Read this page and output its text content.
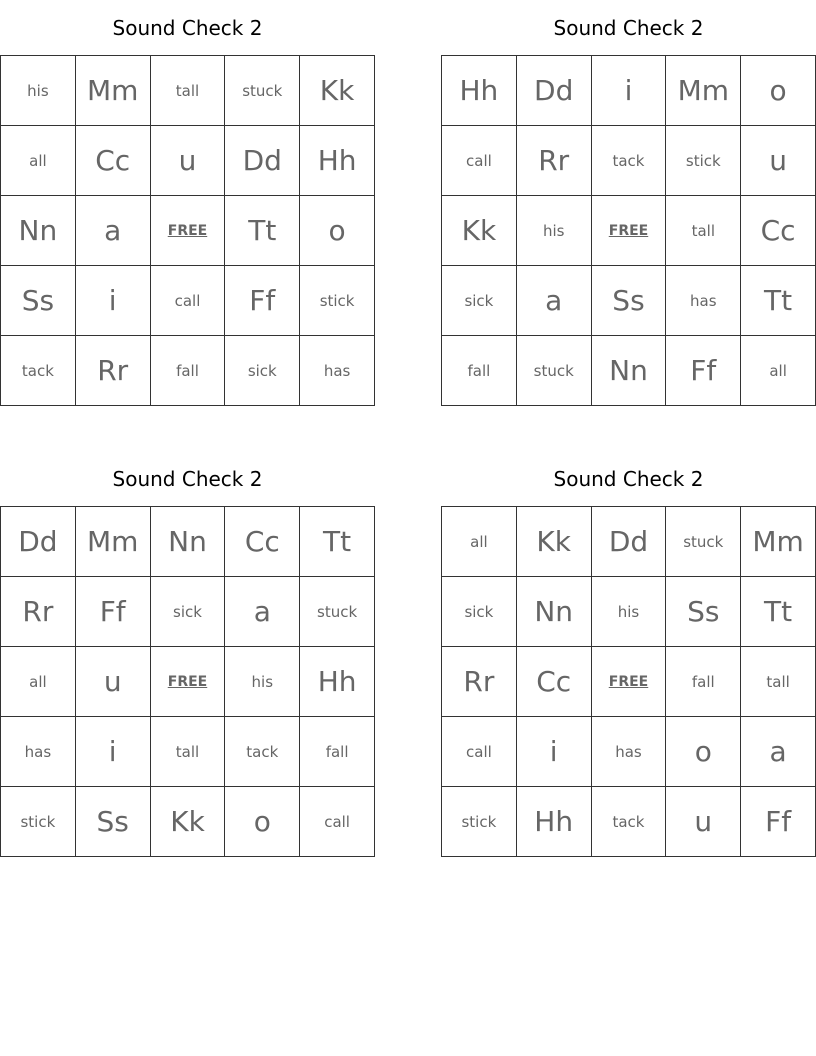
Sound Check 2
his	Mm	tall	stuck	Kk
all	Cc	u	Dd	Hh
Nn	a	FREE	Tt	o
Ss	i	call	Ff	stick
tack	Rr	fall	sick	has
Sound Check 2
Hh	Dd	i	Mm	o
call	Rr	tack	stick	u
Kk	his	FREE	tall	Cc
sick	a	Ss	has	Tt
fall	stuck	Nn	Ff	all
Sound Check 2
Dd	Mm	Nn	Cc	Tt
Rr	Ff	sick	a	stuck
all	u	FREE	his	Hh
has	i	tall	tack	fall
stick	Ss	Kk	o	call
Sound Check 2
all	Kk	Dd	stuck	Mm
sick	Nn	his	Ss	Tt
Rr	Cc	FREE	fall	tall
call	i	has	o	a
stick	Hh	tack	u	Ff
